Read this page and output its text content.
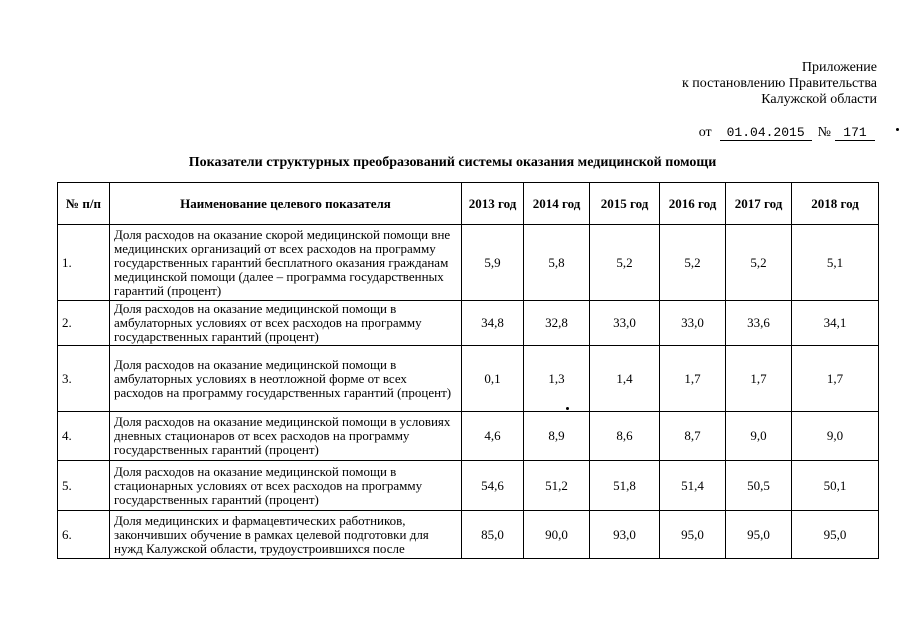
Приложение
к постановлению Правительства
Калужской области
от 01.04.2015 № 171
Показатели структурных преобразований системы оказания медицинской помощи
№ п/п	Наименование целевого показателя	2013 год	2014 год	2015 год	2016 год	2017 год	2018 год
1.	Доля расходов на оказание скорой медицинской помощи вне медицинских организаций от всех расходов на программу государственных гарантий бесплатного оказания гражданам медицинской помощи (далее – программа государственных гарантий (процент)	5,9	5,8	5,2	5,2	5,2	5,1
2.	Доля расходов на оказание медицинской помощи в амбулаторных условиях от всех расходов на программу государственных гарантий (процент)	34,8	32,8	33,0	33,0	33,6	34,1
3.	Доля расходов на оказание медицинской помощи в амбулаторных условиях в неотложной форме от всех расходов на программу государственных гарантий (процент)	0,1	1,3	1,4	1,7	1,7	1,7
4.	Доля расходов на оказание медицинской помощи в условиях дневных стационаров от всех расходов на программу государственных гарантий (процент)	4,6	8,9	8,6	8,7	9,0	9,0
5.	Доля расходов на оказание медицинской помощи в стационарных условиях от всех расходов на программу государственных гарантий (процент)	54,6	51,2	51,8	51,4	50,5	50,1
6.	Доля медицинских и фармацевтических работников, закончивших обучение в рамках целевой подготовки для нужд Калужской области, трудоустроившихся после	85,0	90,0	93,0	95,0	95,0	95,0
